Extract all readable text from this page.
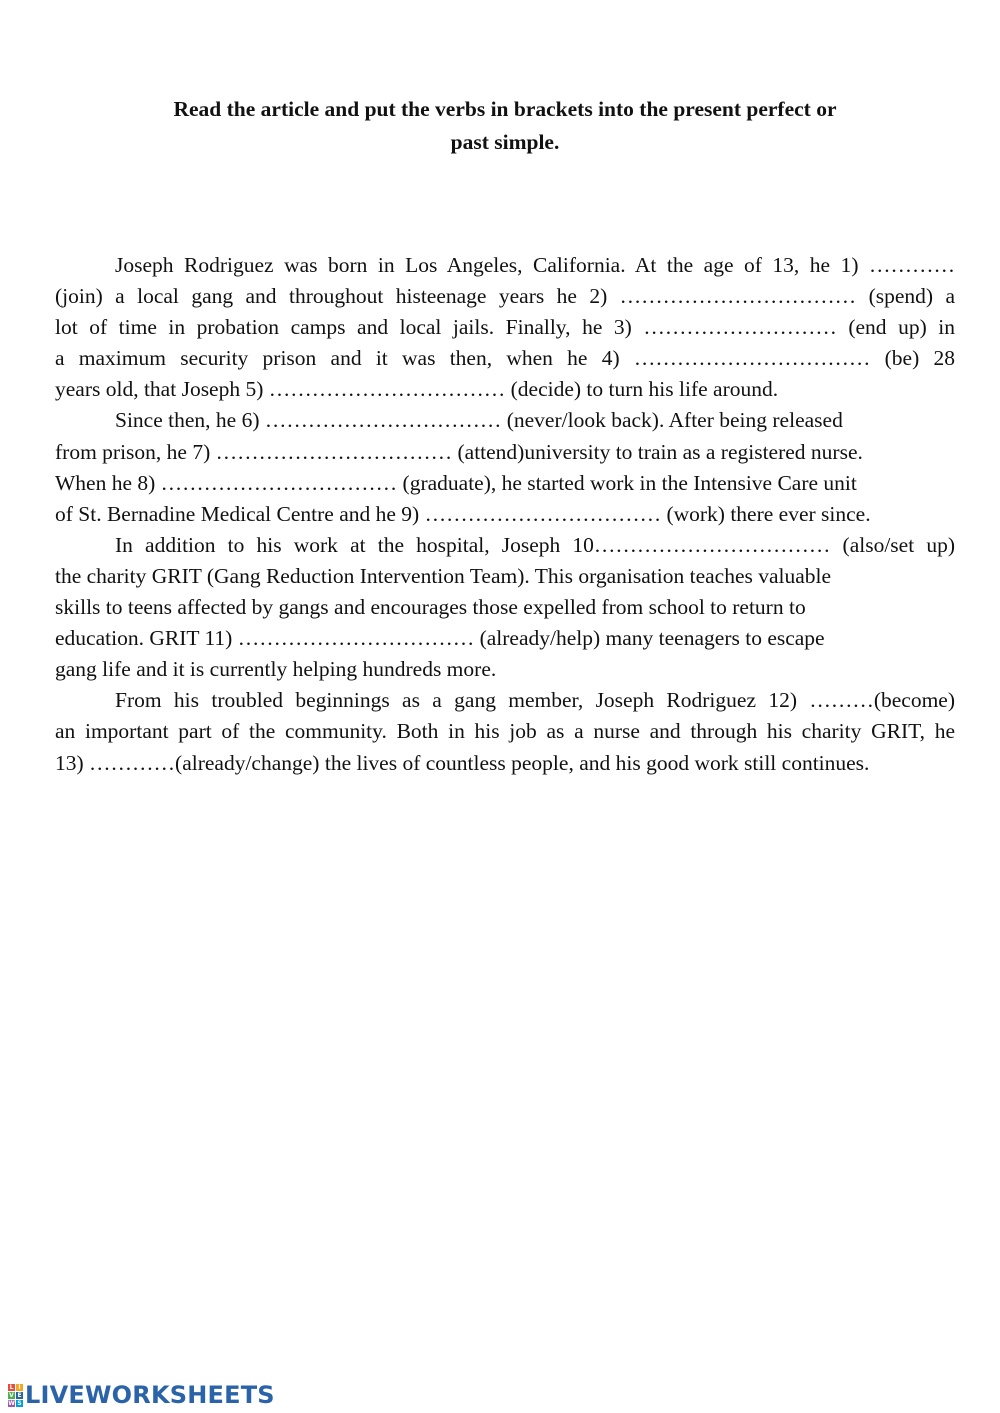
Read the article and put the verbs in brackets into the present perfect or
past simple.
Joseph Rodriguez was born in Los Angeles, California. At the age of 13, he 1) …………
(join) a local gang and throughout histeenage years he 2) …………………………… (spend) a
lot of time in probation camps and local jails. Finally, he 3) ……………………… (end up) in
a maximum security prison and it was then, when he 4) …………………………… (be) 28
years old, that Joseph 5) …………………………… (decide) to turn his life around.
Since then, he 6) …………………………… (never/look back). After being released
from prison, he 7) …………………………… (attend)university to train as a registered nurse.
When he 8) …………………………… (graduate), he started work in the Intensive Care unit
of St. Bernadine Medical Centre and he 9) …………………………… (work) there ever since.
In addition to his work at the hospital, Joseph 10…………………………… (also/set up)
the charity GRIT (Gang Reduction Intervention Team). This organisation teaches valuable
skills to teens affected by gangs and encourages those expelled from school to return to
education. GRIT 11) …………………………… (already/help) many teenagers to escape
gang life and it is currently helping hundreds more.
From his troubled beginnings as a gang member, Joseph Rodriguez 12) ………(become)
an important part of the community. Both in his job as a nurse and through his charity GRIT, he
13) …………(already/change) the lives of countless people, and his good work still continues.
L I
V E
W S LIVEWORKSHEETS
